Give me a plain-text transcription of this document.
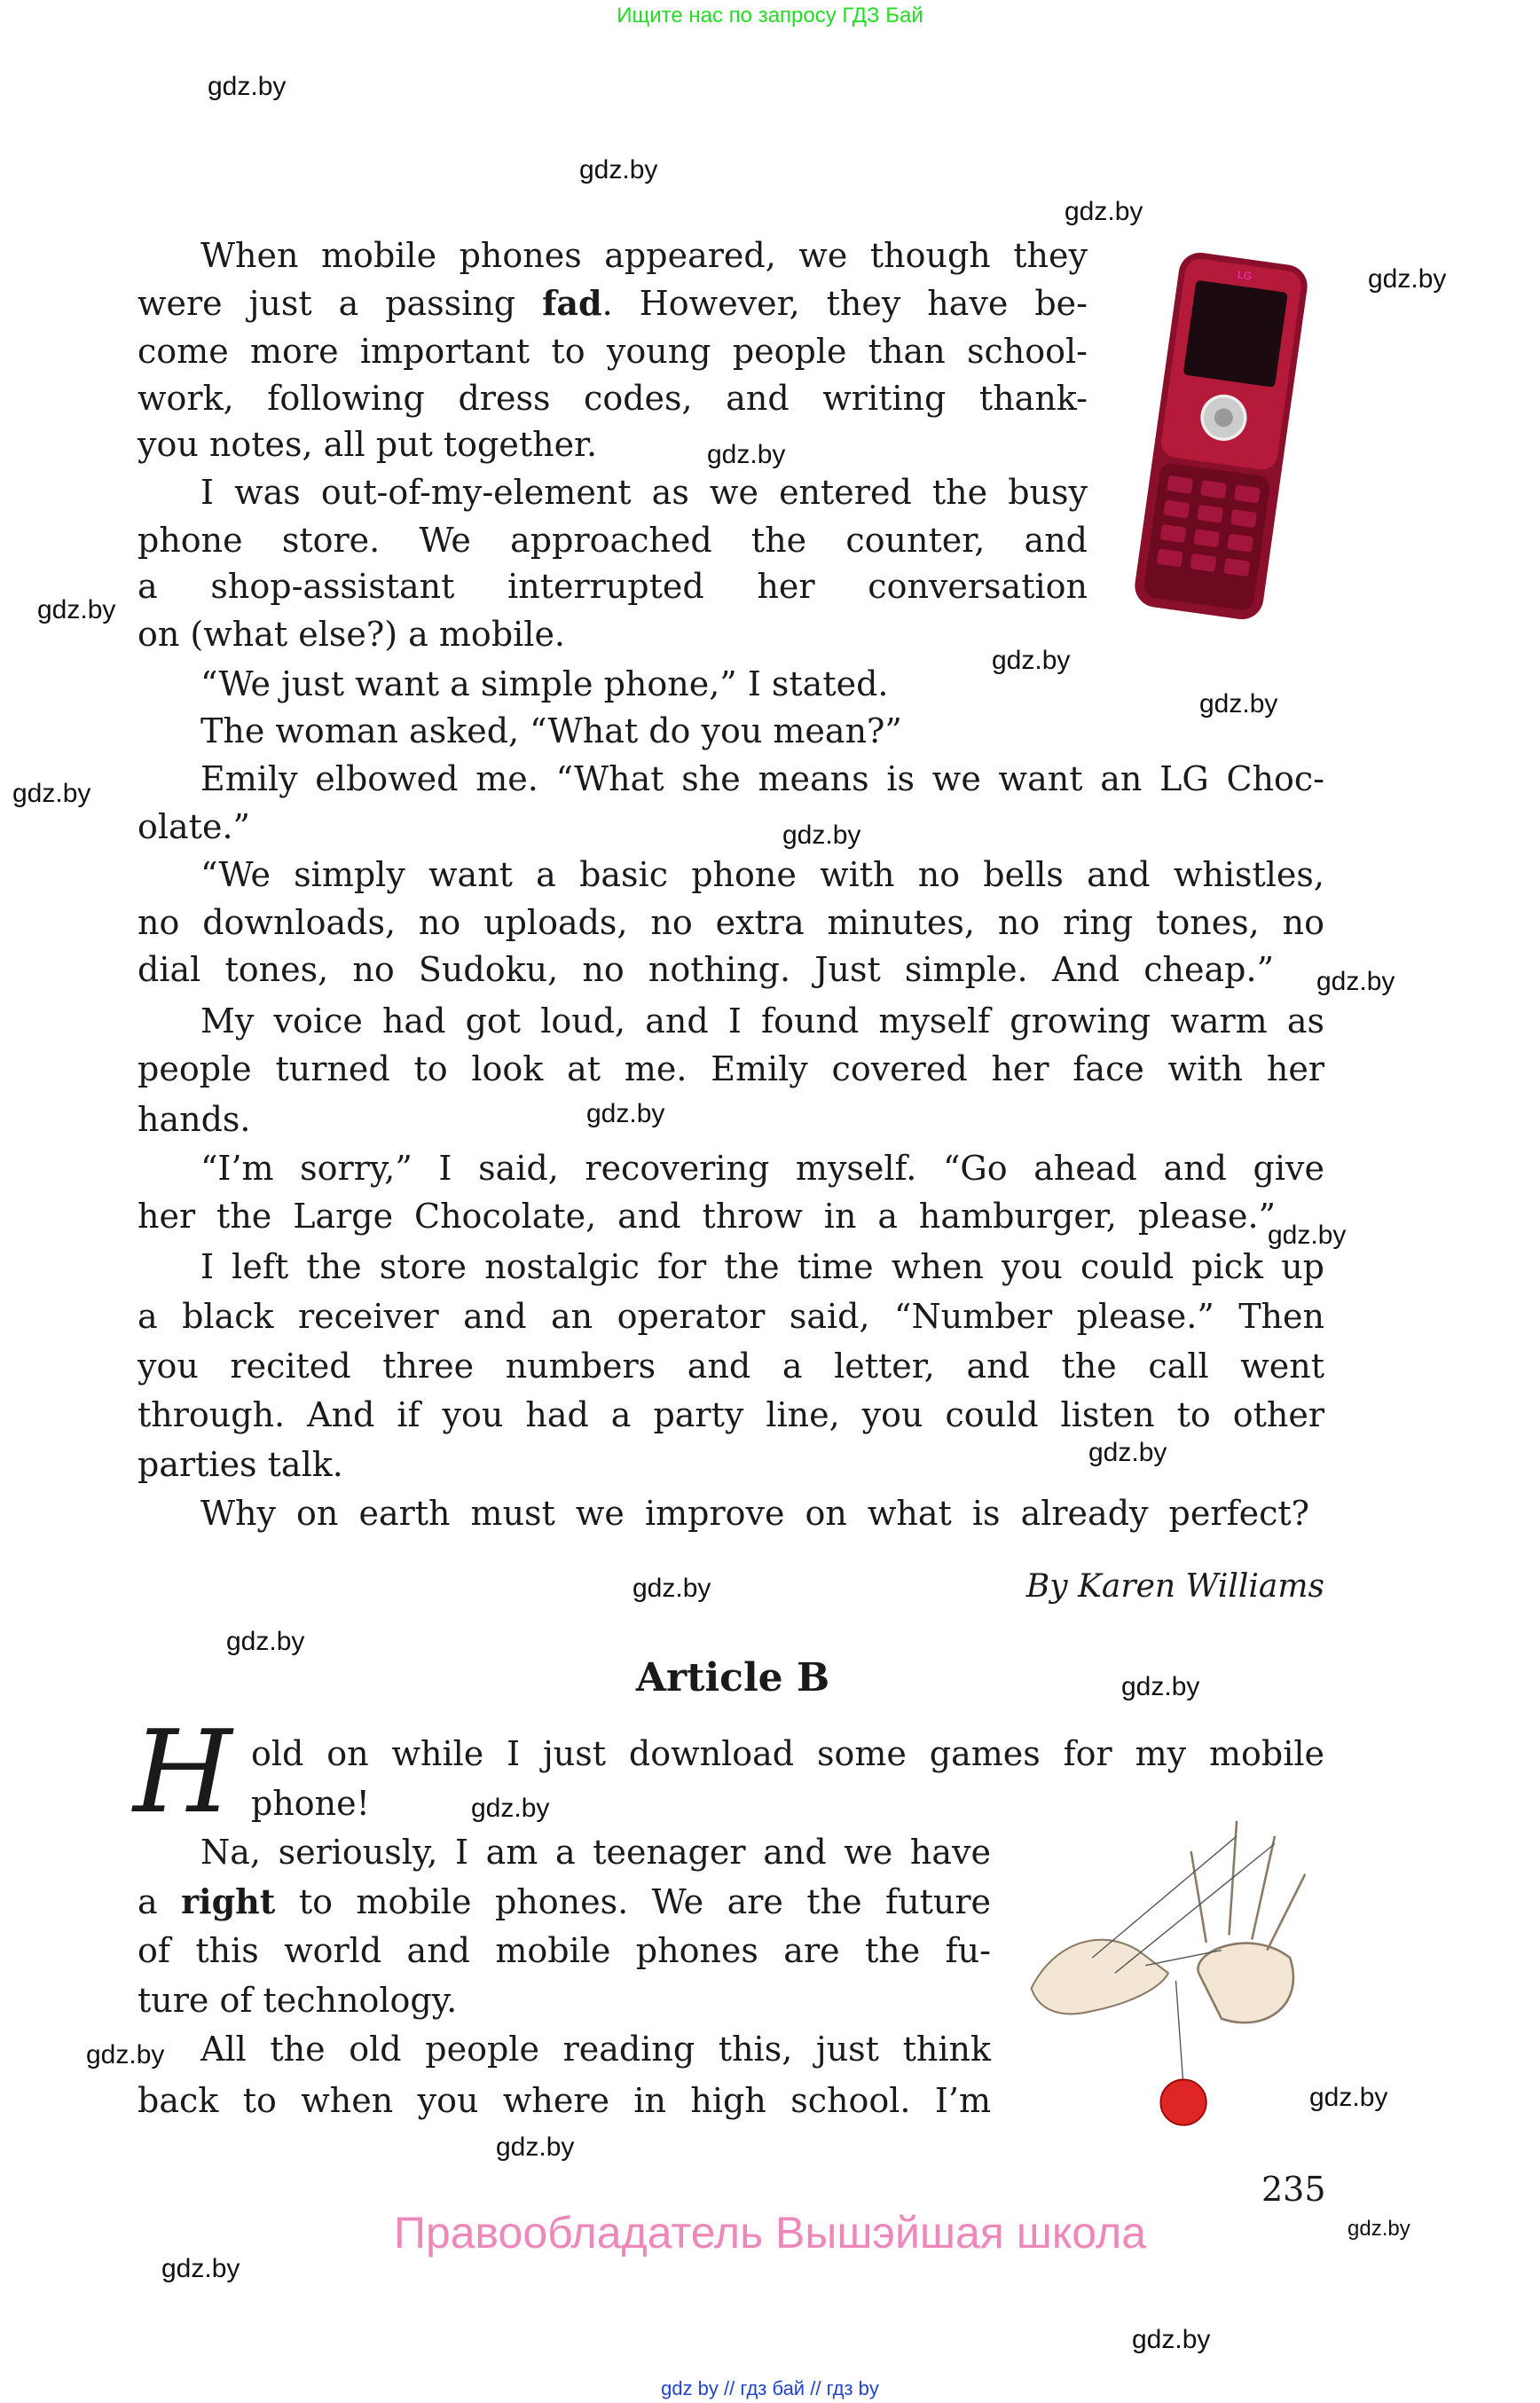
Ищите нас по запросу ГДЗ Бай
When mobile phones appeared, we though they
were just a passing fad. However, they have be-
come more important to young people than school-
work, following dress codes, and writing thank-
you notes, all put together.
I was out-of-my-element as we entered the busy
phone store. We approached the counter, and
a shop-assistant interrupted her conversation
on (what else?) a mobile.
“We just want a simple phone,” I stated.
The woman asked, “What do you mean?”
Emily elbowed me. “What she means is we want an LG Choc-
olate.”
“We simply want a basic phone with no bells and whistles,
no downloads, no uploads, no extra minutes, no ring tones, no
dial tones, no Sudoku, no nothing. Just simple. And cheap.”
My voice had got loud, and I found myself growing warm as
people turned to look at me. Emily covered her face with her
hands.
“I’m sorry,” I said, recovering myself. “Go ahead and give
her the Large Chocolate, and throw in a hamburger, please.”
I left the store nostalgic for the time when you could pick up
a black receiver and an operator said, “Number please.” Then
you recited three numbers and a letter, and the call went
through. And if you had a party line, you could listen to other
parties talk.
Why on earth must we improve on what is already perfect?
By Karen Williams
LG
Article B
H old on while I just download some games for my mobile
phone!
Na, seriously, I am a teenager and we have
a right to mobile phones. We are the future
of this world and mobile phones are the fu-
ture of technology.
All the old people reading this, just think
back to when you where in high school. I’m
235
Правообладатель Вышэйшая школа
gdz.by
gdz.by
gdz.by
gdz.by
gdz.by
gdz.by
gdz.by
gdz.by
gdz.by
gdz.by
gdz.by
gdz.by
gdz.by
gdz.by
gdz.by
gdz.by
gdz.by
gdz.by
gdz.by
gdz.by
gdz.by
gdz.by
gdz.by
gdz.by
gdz by // гдз бай // гдз by
